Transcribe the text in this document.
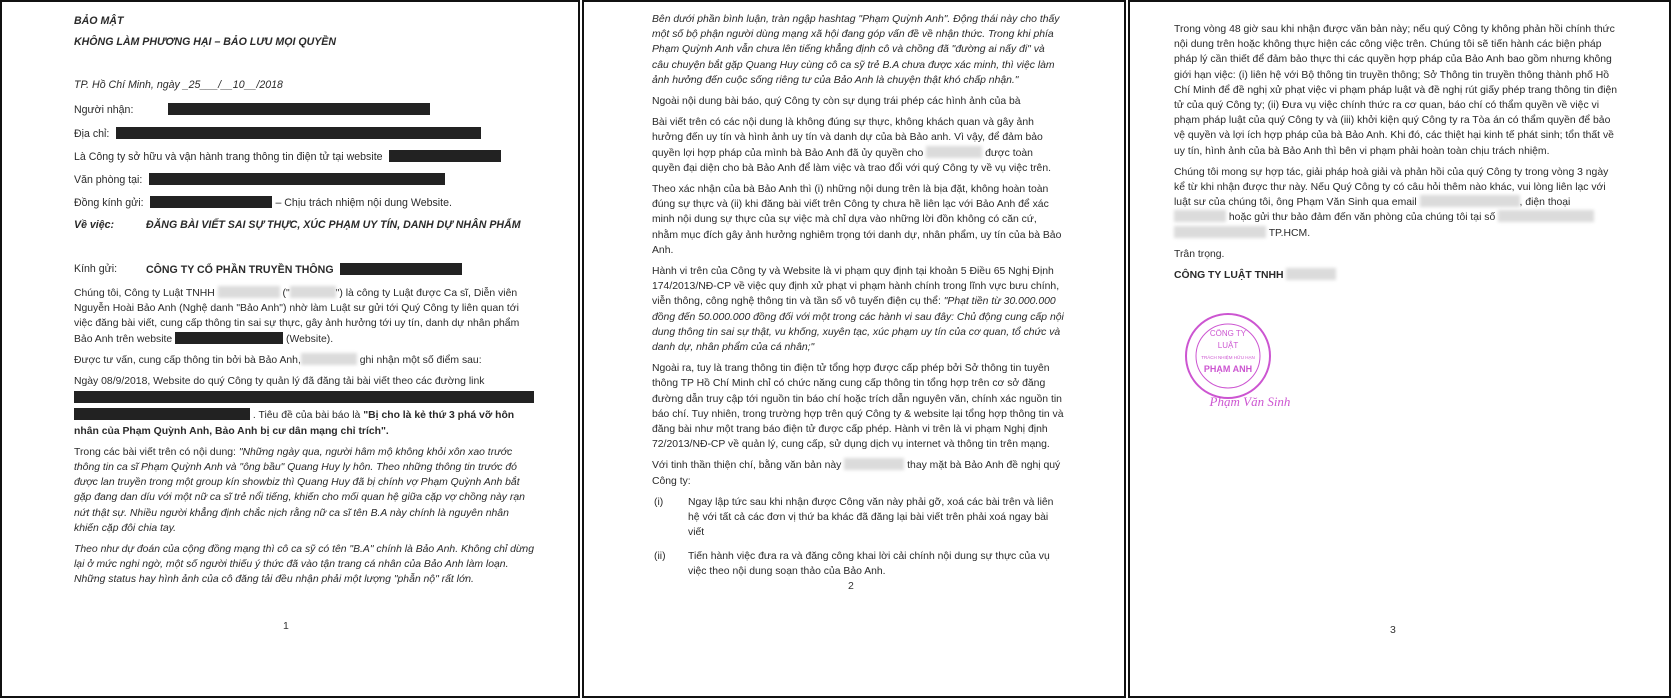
BẢO MẬT
KHÔNG LÀM PHƯƠNG HẠI – BẢO LƯU MỌI QUYỀN
TP. Hồ Chí Minh, ngày _25___/__10__/2018
Người nhận:
Địa chỉ:
Là Công ty sở hữu và vận hành trang thông tin điện tử tại website
Văn phòng tại:
Đồng kính gửi:	– Chịu trách nhiệm nội dung Website.
Về việc:	ĐĂNG BÀI VIẾT SAI SỰ THỰC, XÚC PHẠM UY TÍN, DANH DỰ NHÂN PHẨM
Kính gửi:	CÔNG TY CỔ PHẦN TRUYỀN THÔNG

Chúng tôi, Công ty Luật TNHH	("	") là công ty Luật được Ca sĩ, Diễn viên Nguyễn Hoài Bảo Anh (Nghệ danh "Bảo Anh") nhờ làm Luật sư gửi tới Quý Công ty liên quan tới việc đăng bài viết, cung cấp thông tin sai sự thực, gây ảnh hưởng tới uy tín, danh dự nhân phẩm Bảo Anh trên website	(Website).

Được tư vấn, cung cấp thông tin bởi bà Bảo Anh,	ghi nhận một số điểm sau:

Ngày 08/9/2018, Website do quý Công ty quản lý đã đăng tải bài viết theo các đường link

. Tiêu đề của bài báo là "Bị cho là kẻ thứ 3 phá vỡ hôn nhân của Phạm Quỳnh Anh, Bảo Anh bị cư dân mạng chỉ trích".

Trong các bài viết trên có nội dung: "Những ngày qua, người hâm mộ không khỏi xôn xao trước thông tin ca sĩ Phạm Quỳnh Anh và "ông bầu" Quang Huy ly hôn. Theo những thông tin trước đó được lan truyền trong một group kín showbiz thì Quang Huy đã bị chính vợ Phạm Quỳnh Anh bắt gặp đang dan díu với một nữ ca sĩ trẻ nổi tiếng, khiến cho mối quan hệ giữa cặp vợ chồng này rạn nứt thật sự. Nhiều người khẳng định chắc nịch rằng nữ ca sĩ tên B.A này chính là nguyên nhân khiến cặp đôi chia tay.

Theo như dự đoán của cộng đồng mạng thì cô ca sỹ có tên "B.A" chính là Bảo Anh. Không chỉ dừng lại ở mức nghi ngờ, một số người thiếu ý thức đã vào tận trang cá nhân của Bảo Anh làm loạn. Những status hay hình ảnh của cô đăng tải đều nhận phải một lượng "phẫn nộ" rất lớn.

1

Bên dưới phần bình luận, tràn ngập hashtag "Phạm Quỳnh Anh". Động thái này cho thấy một số bộ phận người dùng mạng xã hội đang góp vấn đề về nhận thức. Trong khi phía Phạm Quỳnh Anh vẫn chưa lên tiếng khẳng định cô và chồng đã "đường ai nấy đi" và câu chuyện bắt gặp Quang Huy cùng cô ca sỹ trẻ B.A chưa được xác minh, thì việc làm ảnh hưởng đến cuộc sống riêng tư của Bảo Anh là chuyện thật khó chấp nhận."

Ngoài nội dung bài báo, quý Công ty còn sự dụng trái phép các hình ảnh của bà

Bài viết trên có các nội dung là không đúng sự thực, không khách quan và gây ảnh hưởng đến uy tín và hình ảnh uy tín và danh dự của bà Bảo anh. Vì vậy, để đảm bảo quyền lợi hợp pháp của mình bà Bảo Anh đã ủy quyền cho	được toàn quyền đại diện cho bà Bảo Anh để làm việc và trao đổi với quý Công ty về vụ việc trên.

Theo xác nhận của bà Bảo Anh thì (i) những nội dung trên là bịa đặt, không hoàn toàn đúng sự thực và (ii) khi đăng bài viết trên Công ty chưa hề liên lạc với Bảo Anh để xác minh nội dung sự thực của sự việc mà chỉ dựa vào những lời đồn không có căn cứ, nhằm mục đích gây ảnh hưởng nghiêm trọng tới danh dự, nhân phẩm, uy tín của bà Bảo Anh.

Hành vi trên của Công ty và Website là vi phạm quy định tại khoản 5 Điều 65 Nghị Định 174/2013/NĐ-CP về việc quy định xử phạt vi phạm hành chính trong lĩnh vực bưu chính, viễn thông, công nghệ thông tin và tần số vô tuyến điện cụ thể: "Phạt tiền từ 30.000.000 đồng đến 50.000.000 đồng đối với một trong các hành vi sau đây: Chủ động cung cấp nội dung thông tin sai sự thật, vu khống, xuyên tạc, xúc phạm uy tín của cơ quan, tổ chức và danh dự, nhân phẩm của cá nhân;"

Ngoài ra, tuy là trang thông tin điện tử tổng hợp được cấp phép bởi Sở thông tin tuyên thông TP Hồ Chí Minh chỉ có chức năng cung cấp thông tin tổng hợp trên cơ sở đăng đường dẫn truy cập tới nguồn tin báo chí hoặc trích dẫn nguyên văn, chính xác nguồn tin báo chí. Tuy nhiên, trong trường hợp trên quý Công ty & website lại tổng hợp thông tin và đăng bài như một trang báo điện tử được cấp phép. Hành vi trên là vi phạm Nghị định 72/2013/NĐ-CP về quản lý, cung cấp, sử dụng dịch vụ internet và thông tin trên mạng.

Với tinh thần thiện chí, bằng văn bản này	thay mặt bà Bảo Anh đề nghị quý Công ty:

(i) Ngay lập tức sau khi nhận được Công văn này phải gỡ, xoá các bài trên và liên hệ với tất cả các đơn vị thứ ba khác đã đăng lại bài viết trên phải xoá ngay bài viết
(ii) Tiến hành việc đưa ra và đăng công khai lời cải chính nội dung sự thực của vụ việc theo nội dung soạn thảo của Bảo Anh.
2

Trong vòng 48 giờ sau khi nhận được văn bản này; nếu quý Công ty không phản hồi chính thức nội dung trên hoặc không thực hiện các công việc trên. Chúng tôi sẽ tiến hành các biện pháp pháp lý cần thiết để đảm bảo thực thi các quyền hợp pháp của Bảo Anh bao gồm nhưng không giới hạn việc: (i) liên hệ với Bộ thông tin truyền thông; Sở Thông tin truyền thông thành phố Hồ Chí Minh để đề nghị xử phạt việc vi phạm pháp luật và đề nghị rút giấy phép trang thông tin điện tử của quý Công ty; (ii) Đưa vụ việc chính thức ra cơ quan, báo chí có thẩm quyền về việc vi phạm pháp luật của quý Công ty và (iii) khởi kiện quý Công ty ra Tòa án có thẩm quyền để bảo vệ quyền và lợi ích hợp pháp của bà Bảo Anh. Khi đó, các thiệt hại kinh tế phát sinh; tổn thất về uy tín, hình ảnh của bà Bảo Anh thì bên vi phạm phải hoàn toàn chịu trách nhiệm.

Chúng tôi mong sự hợp tác, giải pháp hoà giải và phản hồi của quý Công ty trong vòng 3 ngày kể từ khi nhận được thư này. Nếu Quý Công ty có câu hỏi thêm nào khác, vui lòng liên lạc với luật sư của chúng tôi, ông Phạm Văn Sinh qua email	, điện thoại  hoặc gửi thư bảo đảm đến văn phòng của chúng tôi tại số   TP.HCM.

Trân trọng.

CÔNG TY LUẬT TNHH

CÔNG TY
LUẬT
TRÁCH NHIỆM HỮU HẠN
PHẠM ANH
Phạm Văn Sinh
3
